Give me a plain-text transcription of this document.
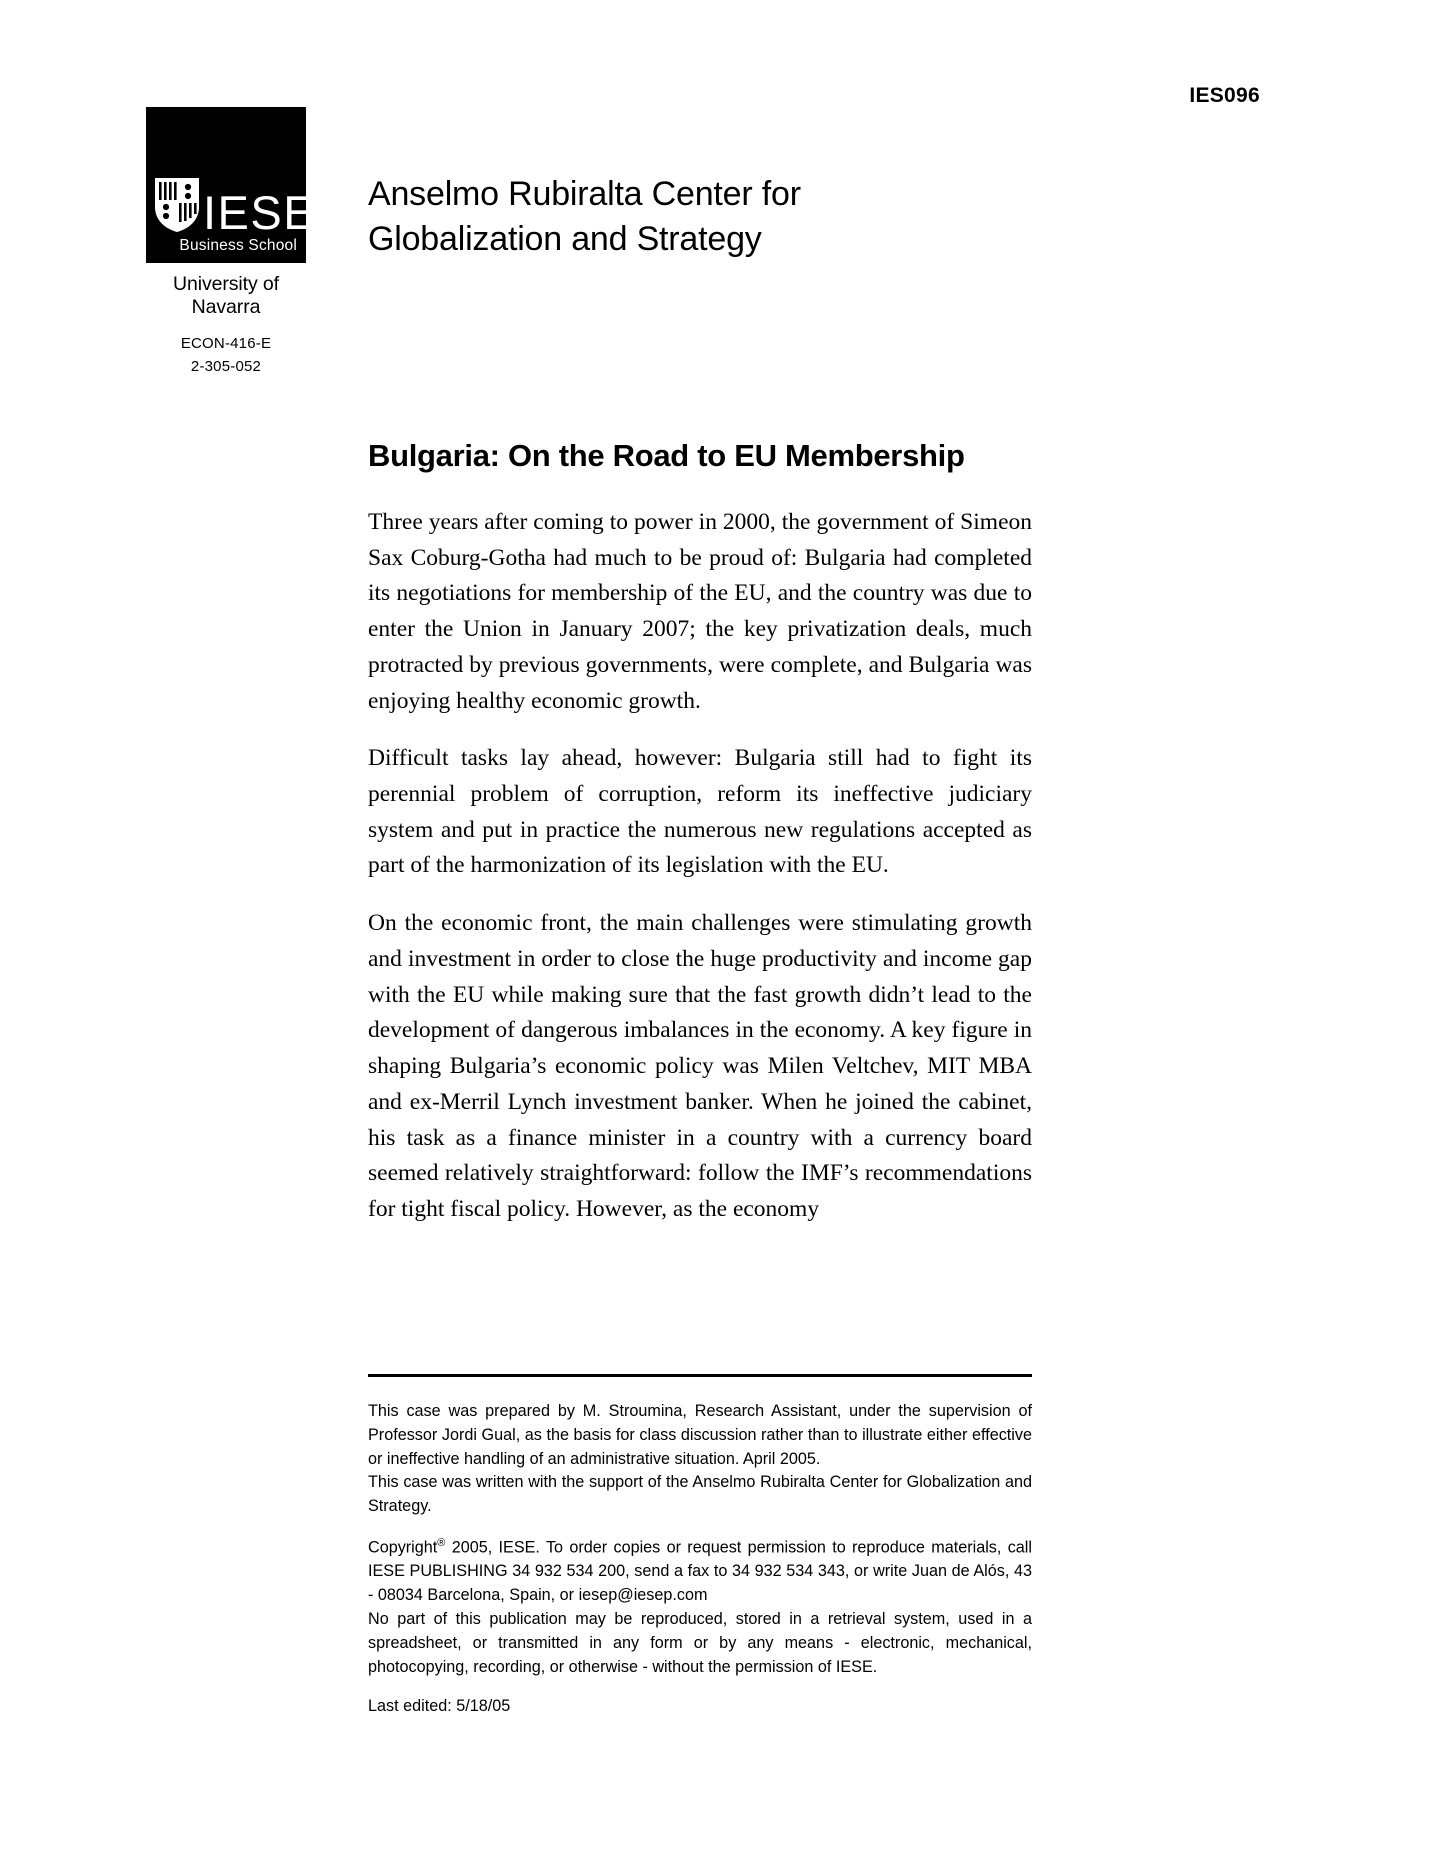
IES096
IESE
Business School
University of Navarra
ECON-416-E
2-305-052
Anselmo Rubiralta Center for
Globalization and Strategy
Bulgaria: On the Road to EU Membership

Three years after coming to power in 2000, the government of Simeon Sax Coburg-Gotha had much to be proud of: Bulgaria had completed its negotiations for membership of the EU, and the country was due to enter the Union in January 2007; the key privatization deals, much protracted by previous governments, were complete, and Bulgaria was enjoying healthy economic growth.

Difficult tasks lay ahead, however: Bulgaria still had to fight its perennial problem of corruption, reform its ineffective judiciary system and put in practice the numerous new regulations accepted as part of the harmonization of its legislation with the EU.

On the economic front, the main challenges were stimulating growth and investment in order to close the huge productivity and income gap with the EU while making sure that the fast growth didn’t lead to the development of dangerous imbalances in the economy. A key figure in shaping Bulgaria’s economic policy was Milen Veltchev, MIT MBA and ex-Merril Lynch investment banker. When he joined the cabinet, his task as a finance minister in a country with a currency board seemed relatively straightforward: follow the IMF’s recommendations for tight fiscal policy. However, as the economy

This case was prepared by M. Stroumina, Research Assistant, under the supervision of Professor Jordi Gual, as the basis for class discussion rather than to illustrate either effective or ineffective handling of an administrative situation. April 2005.

This case was written with the support of the Anselmo Rubiralta Center for Globalization and Strategy.

Copyright® 2005, IESE. To order copies or request permission to reproduce materials, call IESE PUBLISHING 34 932 534 200, send a fax to 34 932 534 343, or write Juan de Alós, 43 - 08034 Barcelona, Spain, or iesep@iesep.com

No part of this publication may be reproduced, stored in a retrieval system, used in a spreadsheet, or transmitted in any form or by any means - electronic, mechanical, photocopying, recording, or otherwise - without the permission of IESE.

Last edited: 5/18/05
